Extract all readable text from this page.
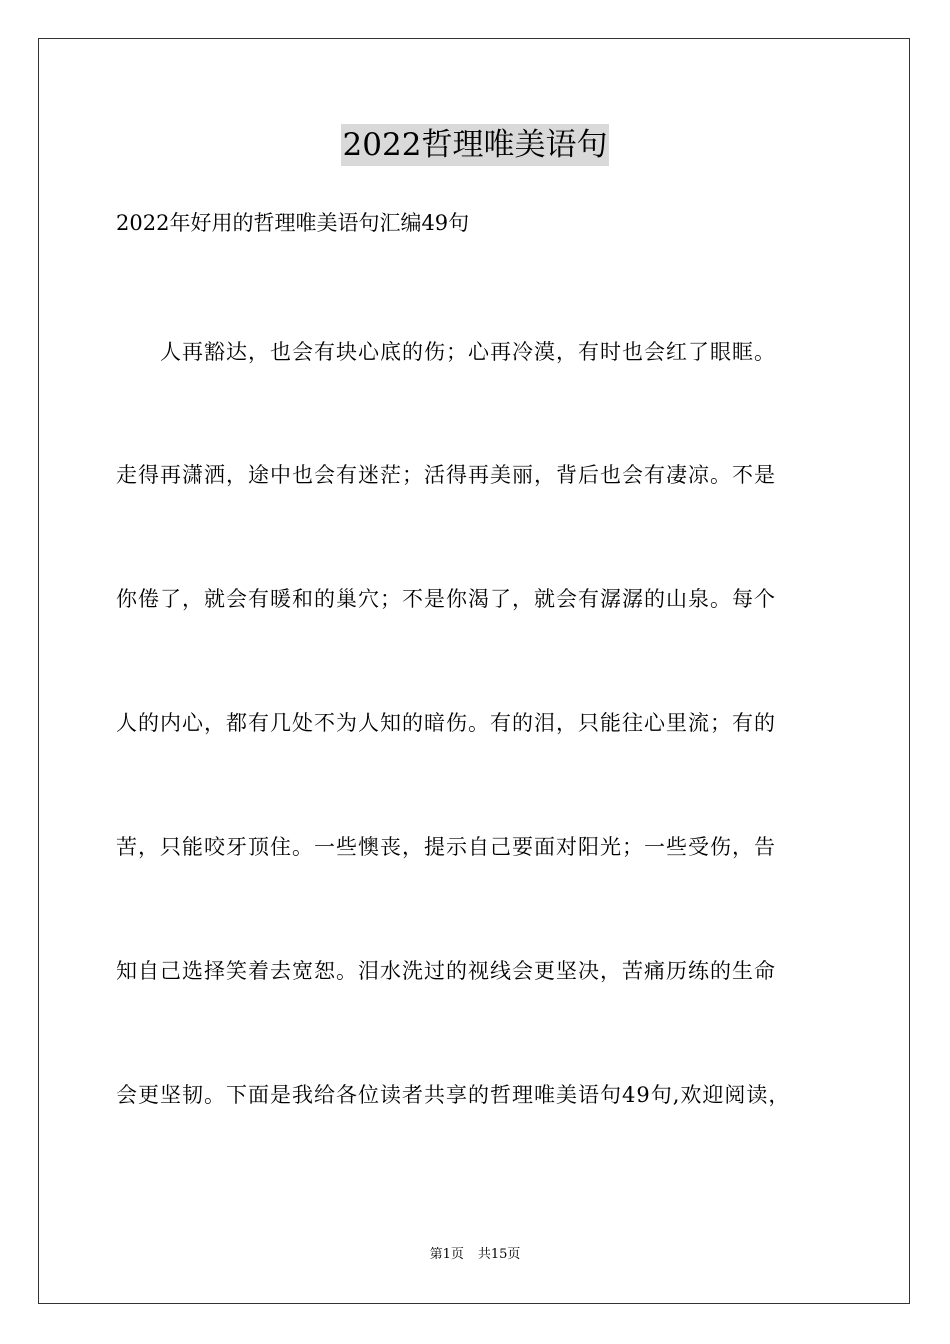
2022哲理唯美语句
2022年好用的哲理唯美语句汇编49句
人再豁达，也会有块心底的伤；心再冷漠，有时也会红了眼眶。
走得再潇洒，途中也会有迷茫；活得再美丽，背后也会有凄凉。不是
你倦了，就会有暖和的巢穴；不是你渴了，就会有潺潺的山泉。每个
人的内心，都有几处不为人知的暗伤。有的泪，只能往心里流；有的
苦，只能咬牙顶住。一些懊丧，提示自己要面对阳光；一些受伤，告
知自己选择笑着去宽恕。泪水洗过的视线会更坚决，苦痛历练的生命
会更坚韧。下面是我给各位读者共享的哲理唯美语句49句,欢迎阅读，
第1页 共15页
